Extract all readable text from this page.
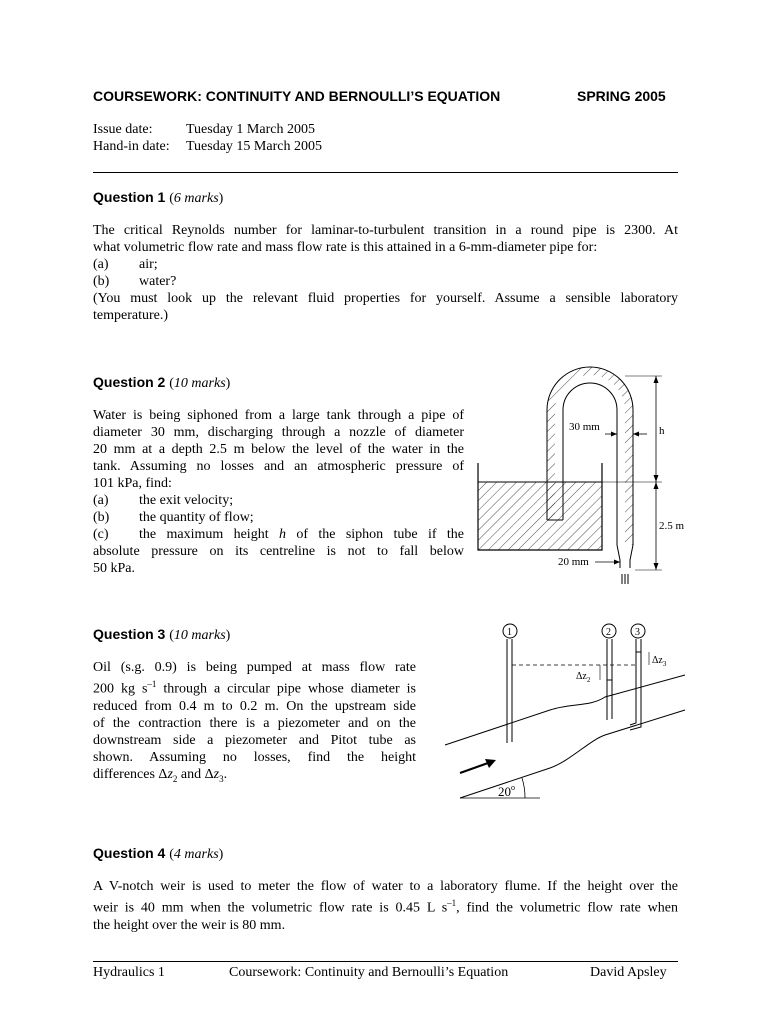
COURSEWORK: CONTINUITY AND BERNOULLI’S EQUATION	SPRING 2005
Issue date: Tuesday 1 March 2005
Hand-in date: Tuesday 15 March 2005
Question 1 (6 marks)
The critical Reynolds number for laminar-to-turbulent transition in a round pipe is 2300. At
what volumetric flow rate and mass flow rate is this attained in a 6-mm-diameter pipe for:
(a)	air;
(b)	water?
(You must look up the relevant fluid properties for yourself. Assume a sensible laboratory
temperature.)
Question 2 (10 marks)
Water is being siphoned from a large tank through a pipe of
diameter 30 mm, discharging through a nozzle of diameter
20 mm at a depth 2.5 m below the level of the water in the
tank. Assuming no losses and an atmospheric pressure of
101 kPa, find:
(a)	the exit velocity;
(b)	the quantity of flow;
(c)	the maximum height h of the siphon tube if the
absolute pressure on its centreline is not to fall below
50 kPa.
30 mm	h
2.5 m
20 mm
Question 3 (10 marks)
Oil (s.g. 0.9) is being pumped at mass flow rate
200 kg $s^{-1}$ through a circular pipe whose diameter is
reduced from 0.4 m to 0.2 m. On the upstream side
of the contraction there is a piezometer and on the
downstream side a piezometer and Pitot tube as
shown. Assuming no losses, find the height
differences $\Delta z_2$ and $\Delta z_3$.
20$^o$
1	2 3
$\Delta z_2$
$\Delta z_3$
Question 4 (4 marks)
A V-notch weir is used to meter the flow of water to a laboratory flume. If the height over the
weir is 40 mm when the volumetric flow rate is 0.45 L $s^{-1}$, find the volumetric flow rate when
the height over the weir is 80 mm.
Hydraulics 1	Coursework: Continuity and Bernoulli’s Equation	David Apsley
